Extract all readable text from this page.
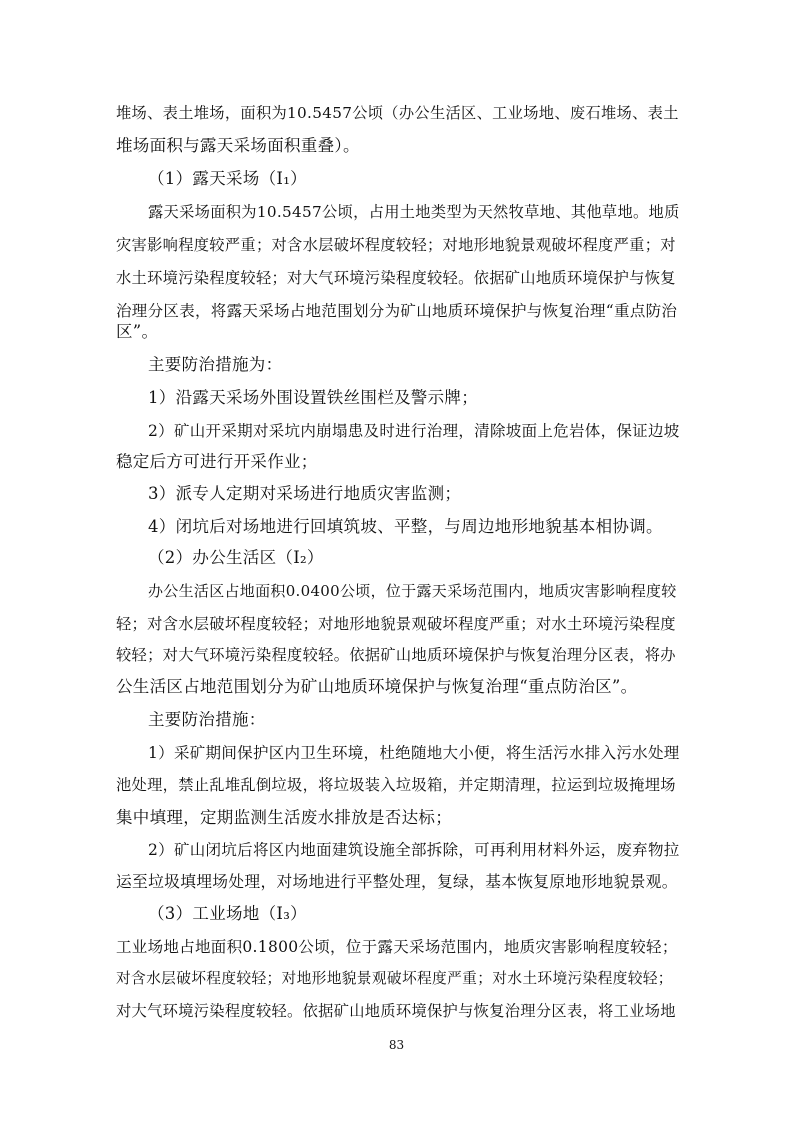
堆场、表土堆场，面积为10.5457公顷（办公生活区、工业场地、废石堆场、表土
堆场面积与露天采场面积重叠）。
（1）露天采场（I₁）
露天采场面积为10.5457公顷，占用土地类型为天然牧草地、其他草地。地质
灾害影响程度较严重；对含水层破坏程度较轻；对地形地貌景观破坏程度严重；对
水土环境污染程度较轻；对大气环境污染程度较轻。依据矿山地质环境保护与恢复
治理分区表，将露天采场占地范围划分为矿山地质环境保护与恢复治理“重点防治
区”。
主要防治措施为：
1）沿露天采场外围设置铁丝围栏及警示牌；
2）矿山开采期对采坑内崩塌患及时进行治理，清除坡面上危岩体，保证边坡
稳定后方可进行开采作业；
3）派专人定期对采场进行地质灾害监测；
4）闭坑后对场地进行回填筑坡、平整，与周边地形地貌基本相协调。
（2）办公生活区（I₂）
办公生活区占地面积0.0400公顷，位于露天采场范围内，地质灾害影响程度较
轻；对含水层破坏程度较轻；对地形地貌景观破坏程度严重；对水土环境污染程度
较轻；对大气环境污染程度较轻。依据矿山地质环境保护与恢复治理分区表，将办
公生活区占地范围划分为矿山地质环境保护与恢复治理“重点防治区”。
主要防治措施：
1）采矿期间保护区内卫生环境，杜绝随地大小便，将生活污水排入污水处理
池处理，禁止乱堆乱倒垃圾，将垃圾装入垃圾箱，并定期清理，拉运到垃圾掩埋场
集中填理，定期监测生活废水排放是否达标；
2）矿山闭坑后将区内地面建筑设施全部拆除，可再利用材料外运，废弃物拉
运至垃圾填埋场处理，对场地进行平整处理，复绿，基本恢复原地形地貌景观。
（3）工业场地（I₃）
工业场地占地面积0.1800公顷，位于露天采场范围内，地质灾害影响程度较轻；
对含水层破坏程度较轻；对地形地貌景观破坏程度严重；对水土环境污染程度较轻；
对大气环境污染程度较轻。依据矿山地质环境保护与恢复治理分区表，将工业场地
83
